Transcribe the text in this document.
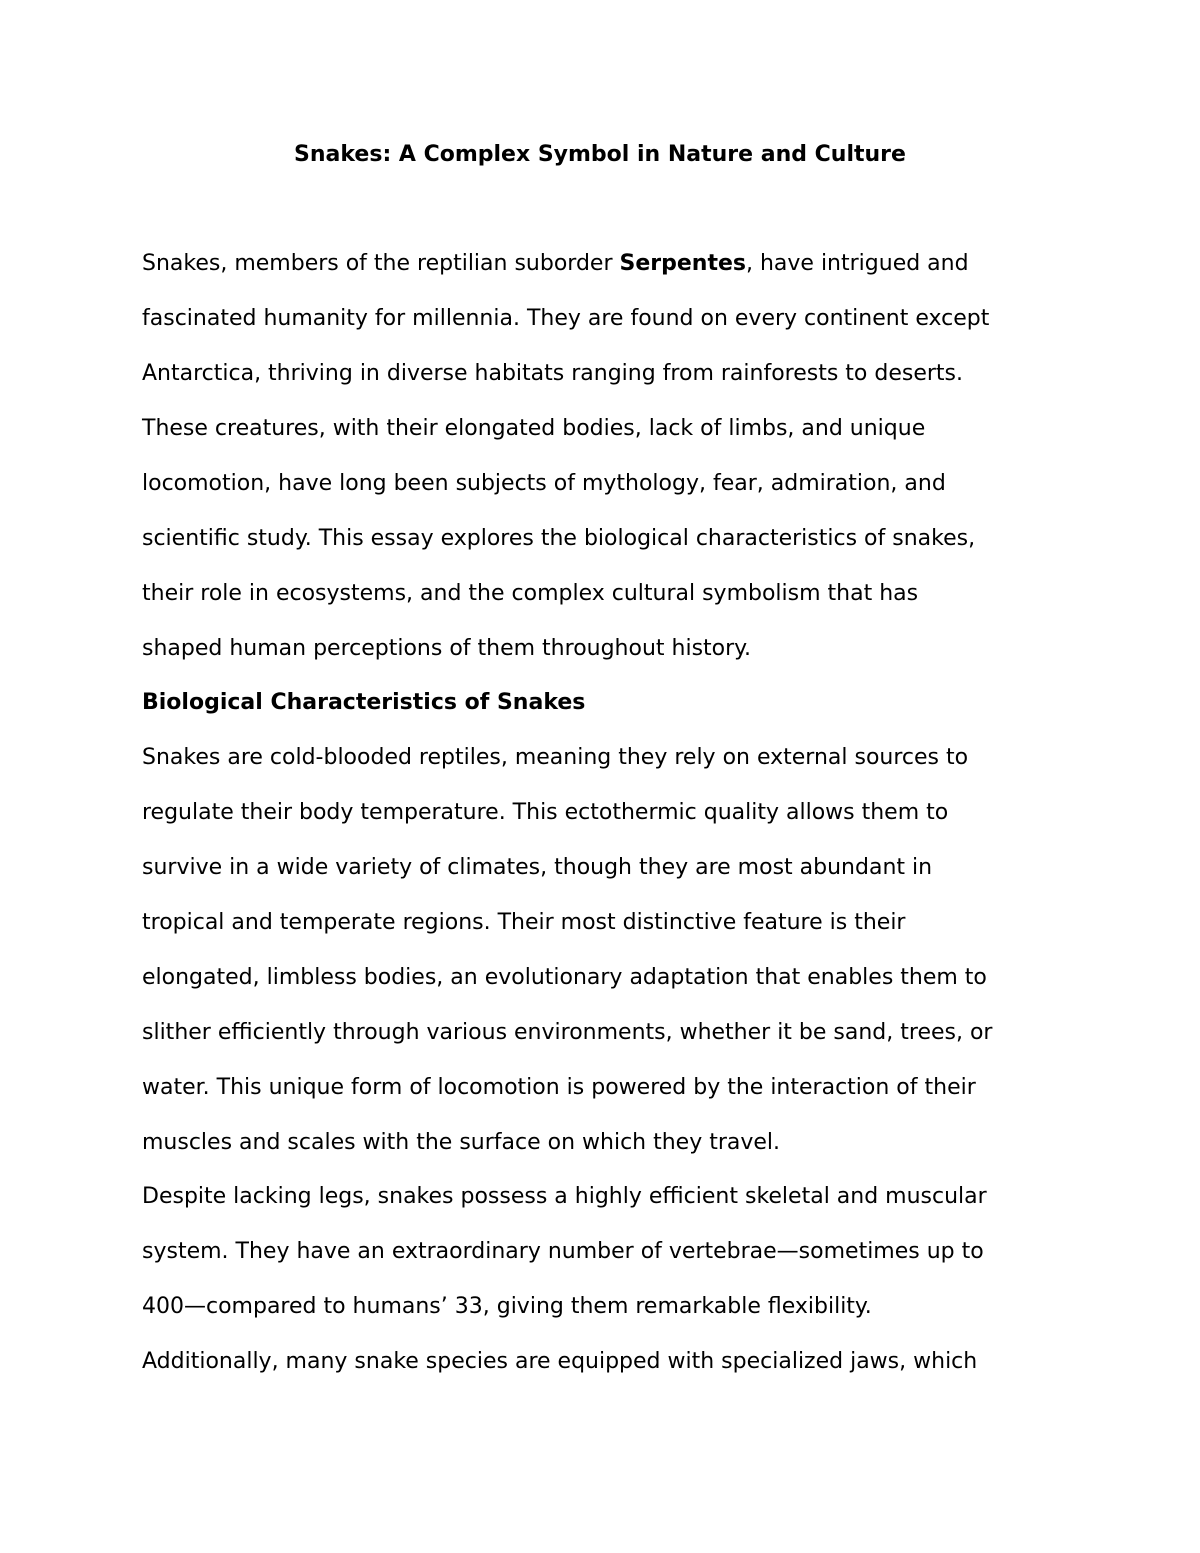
Snakes: A Complex Symbol in Nature and Culture

Snakes, members of the reptilian suborder Serpentes, have intrigued and

fascinated humanity for millennia. They are found on every continent except

Antarctica, thriving in diverse habitats ranging from rainforests to deserts.

These creatures, with their elongated bodies, lack of limbs, and unique

locomotion, have long been subjects of mythology, fear, admiration, and

scientific study. This essay explores the biological characteristics of snakes,

their role in ecosystems, and the complex cultural symbolism that has

shaped human perceptions of them throughout history.

Biological Characteristics of Snakes

Snakes are cold-blooded reptiles, meaning they rely on external sources to

regulate their body temperature. This ectothermic quality allows them to

survive in a wide variety of climates, though they are most abundant in

tropical and temperate regions. Their most distinctive feature is their

elongated, limbless bodies, an evolutionary adaptation that enables them to

slither efficiently through various environments, whether it be sand, trees, or

water. This unique form of locomotion is powered by the interaction of their

muscles and scales with the surface on which they travel.

Despite lacking legs, snakes possess a highly efficient skeletal and muscular

system. They have an extraordinary number of vertebrae—sometimes up to

400—compared to humans’ 33, giving them remarkable flexibility.

Additionally, many snake species are equipped with specialized jaws, which
